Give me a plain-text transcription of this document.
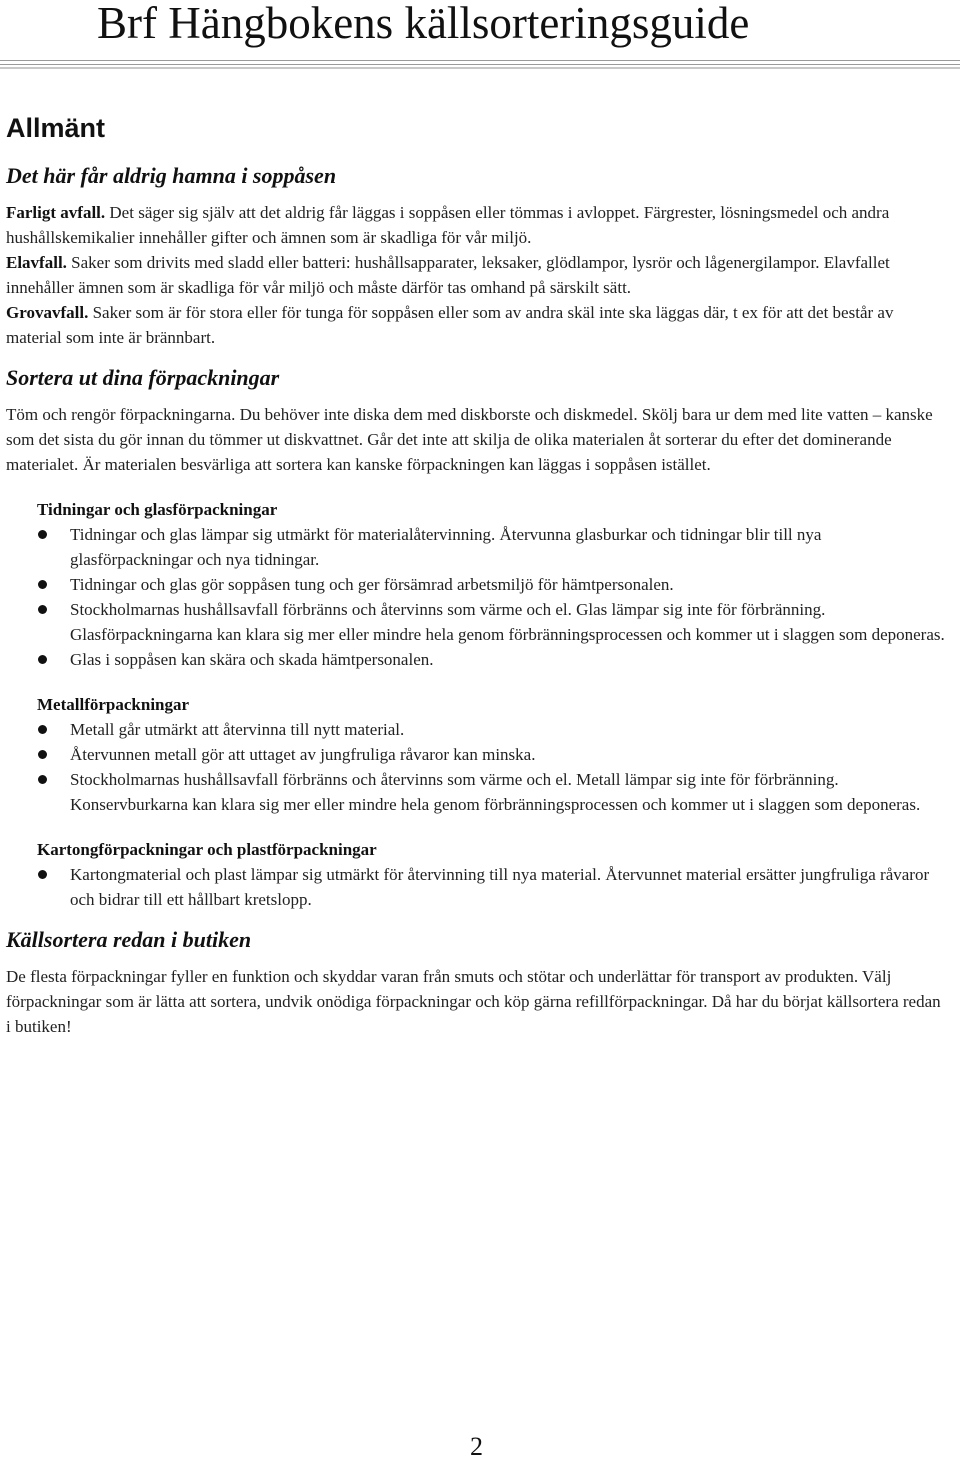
Brf Hängbokens källsorteringsguide
Allmänt
Det här får aldrig hamna i soppåsen

Farligt avfall. Det säger sig själv att det aldrig får läggas i soppåsen eller tömmas i avloppet. Färgrester, lösningsmedel och andra hushållskemikalier innehåller gifter och ämnen som är skadliga för vår miljö.

Elavfall. Saker som drivits med sladd eller batteri: hushållsapparater, leksaker, glödlampor, lysrör och lågenergilampor. Elavfallet innehåller ämnen som är skadliga för vår miljö och måste därför tas omhand på särskilt sätt.

Grovavfall. Saker som är för stora eller för tunga för soppåsen eller som av andra skäl inte ska läggas där, t ex för att det består av material som inte är brännbart.

Sortera ut dina förpackningar

Töm och rengör förpackningarna. Du behöver inte diska dem med diskborste och diskmedel. Skölj bara ur dem med lite vatten – kanske som det sista du gör innan du tömmer ut diskvattnet. Går det inte att skilja de olika materialen åt sorterar du efter det dominerande materialet. Är materialen besvärliga att sortera kan kanske förpackningen kan läggas i soppåsen istället.

Tidningar och glasförpackningar
Tidningar och glas lämpar sig utmärkt för materialåtervinning. Återvunna glasburkar och tidningar blir till nya glasförpackningar och nya tidningar.
Tidningar och glas gör soppåsen tung och ger försämrad arbetsmiljö för hämtpersonalen.
Stockholmarnas hushållsavfall förbränns och återvinns som värme och el. Glas lämpar sig inte för förbränning. Glasförpackningarna kan klara sig mer eller mindre hela genom förbränningsprocessen och kommer ut i slaggen som deponeras.
Glas i soppåsen kan skära och skada hämtpersonalen.
Metallförpackningar
Metall går utmärkt att återvinna till nytt material.
Återvunnen metall gör att uttaget av jungfruliga råvaror kan minska.
Stockholmarnas hushållsavfall förbränns och återvinns som värme och el. Metall lämpar sig inte för förbränning. Konservburkarna kan klara sig mer eller mindre hela genom förbränningsprocessen och kommer ut i slaggen som deponeras.
Kartongförpackningar och plastförpackningar
Kartongmaterial och plast lämpar sig utmärkt för återvinning till nya material. Återvunnet material ersätter jungfruliga råvaror och bidrar till ett hållbart kretslopp.
Källsortera redan i butiken

De flesta förpackningar fyller en funktion och skyddar varan från smuts och stötar och underlättar för transport av produkten. Välj förpackningar som är lätta att sortera, undvik onödiga förpackningar och köp gärna refillförpackningar. Då har du börjat källsortera redan i butiken!

2
